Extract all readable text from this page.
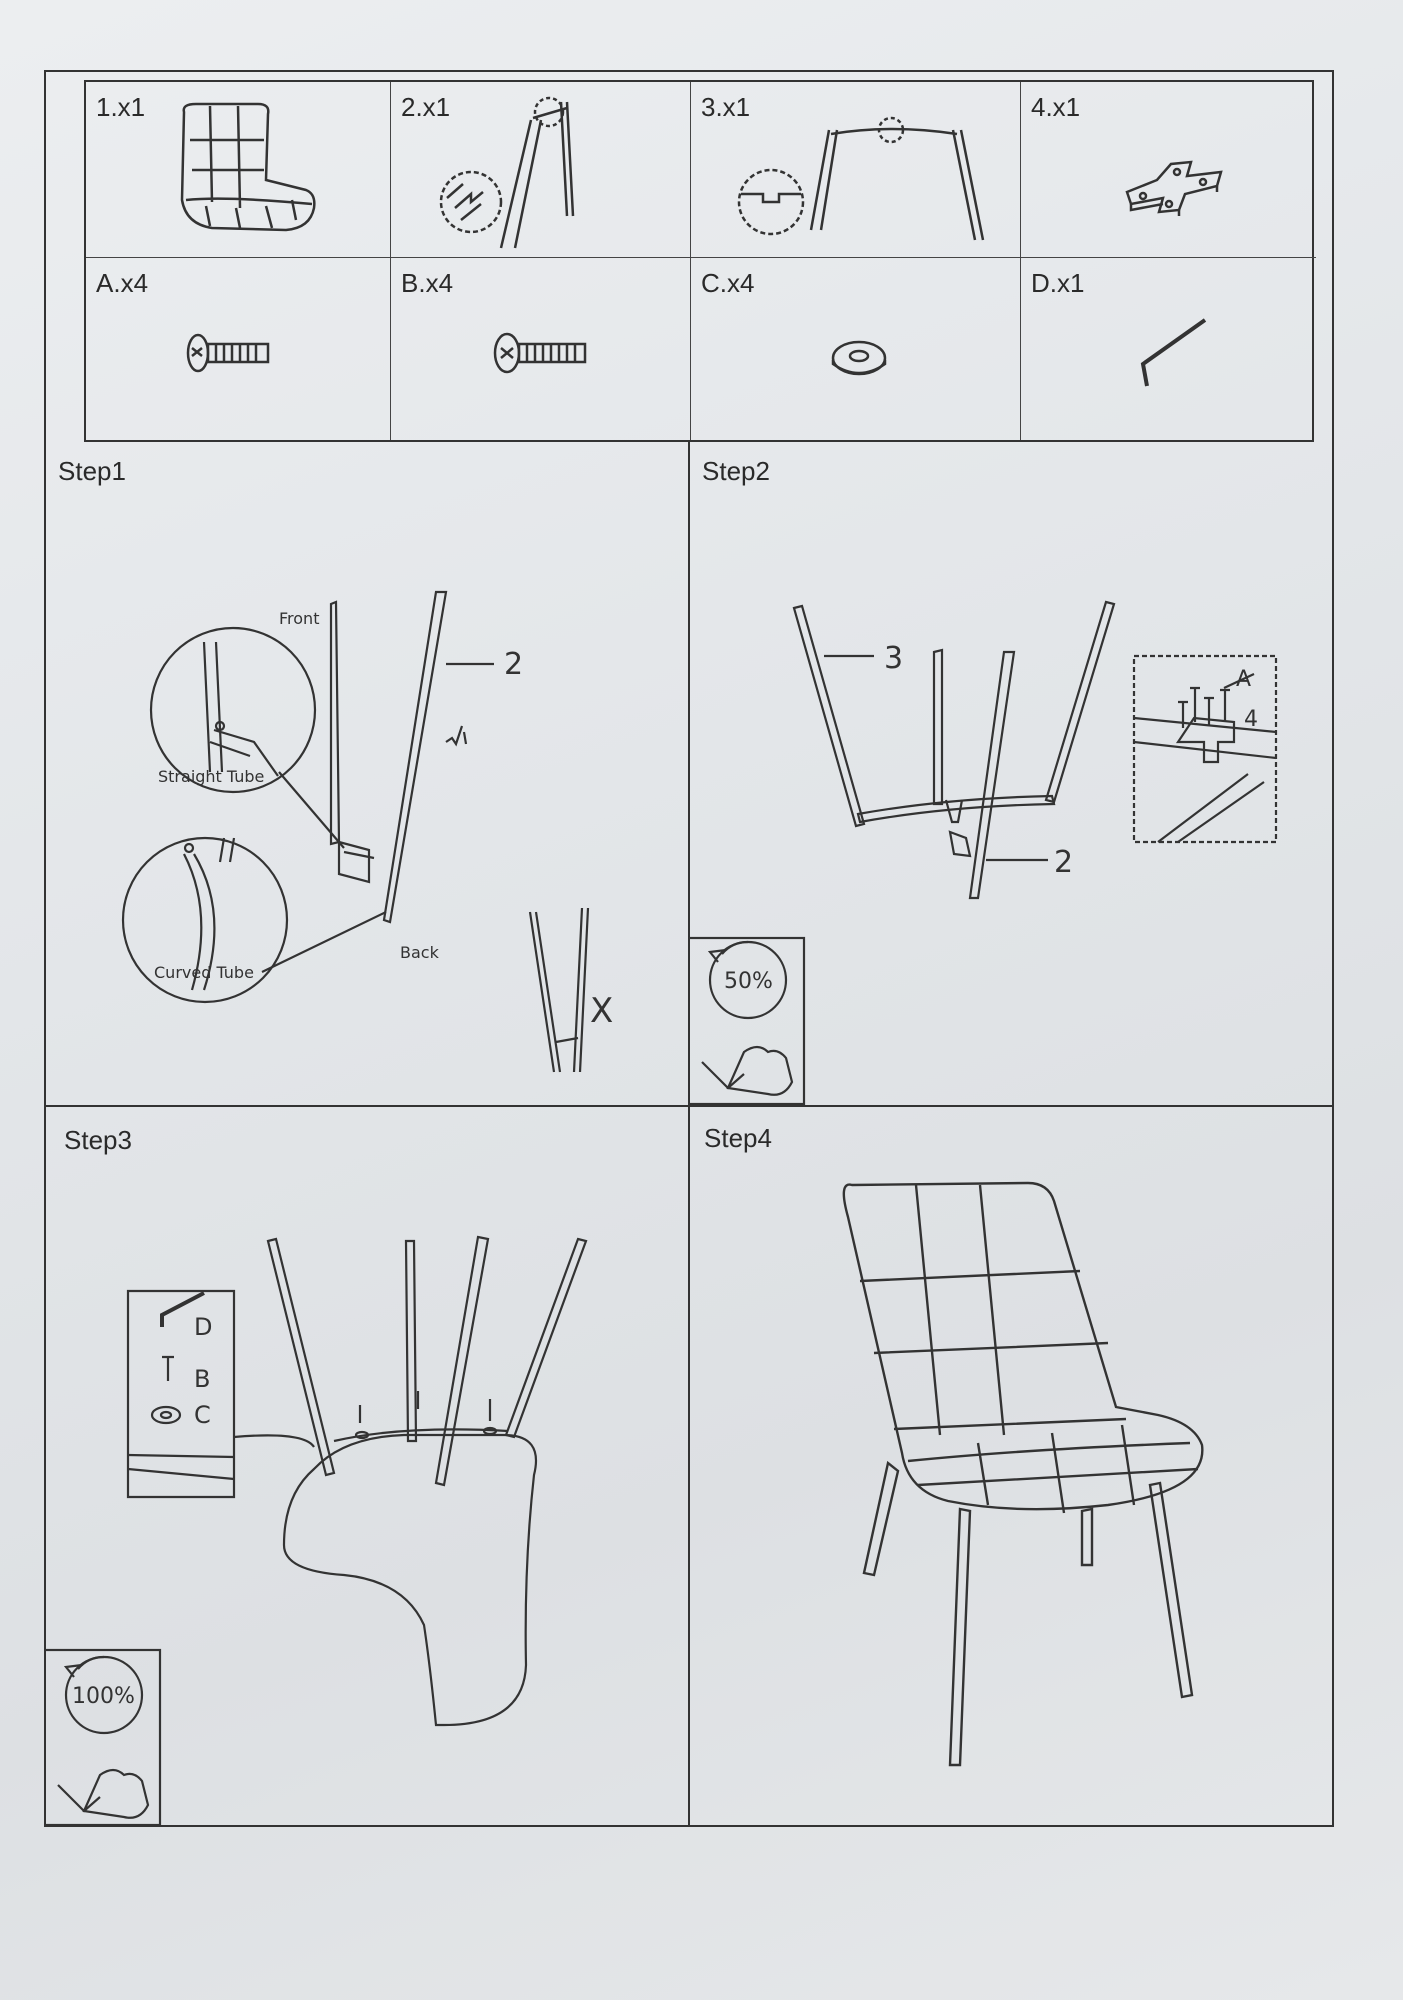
1.x1	2.x1	3.x1	4.x1
A.x4	B.x4	C.x4	D.x1
Step1
Front
2
Straight Tube
Curved Tube
Back
X
Step2
3
2
A
4
50%
Step3
D
B
C
100%
Step4
